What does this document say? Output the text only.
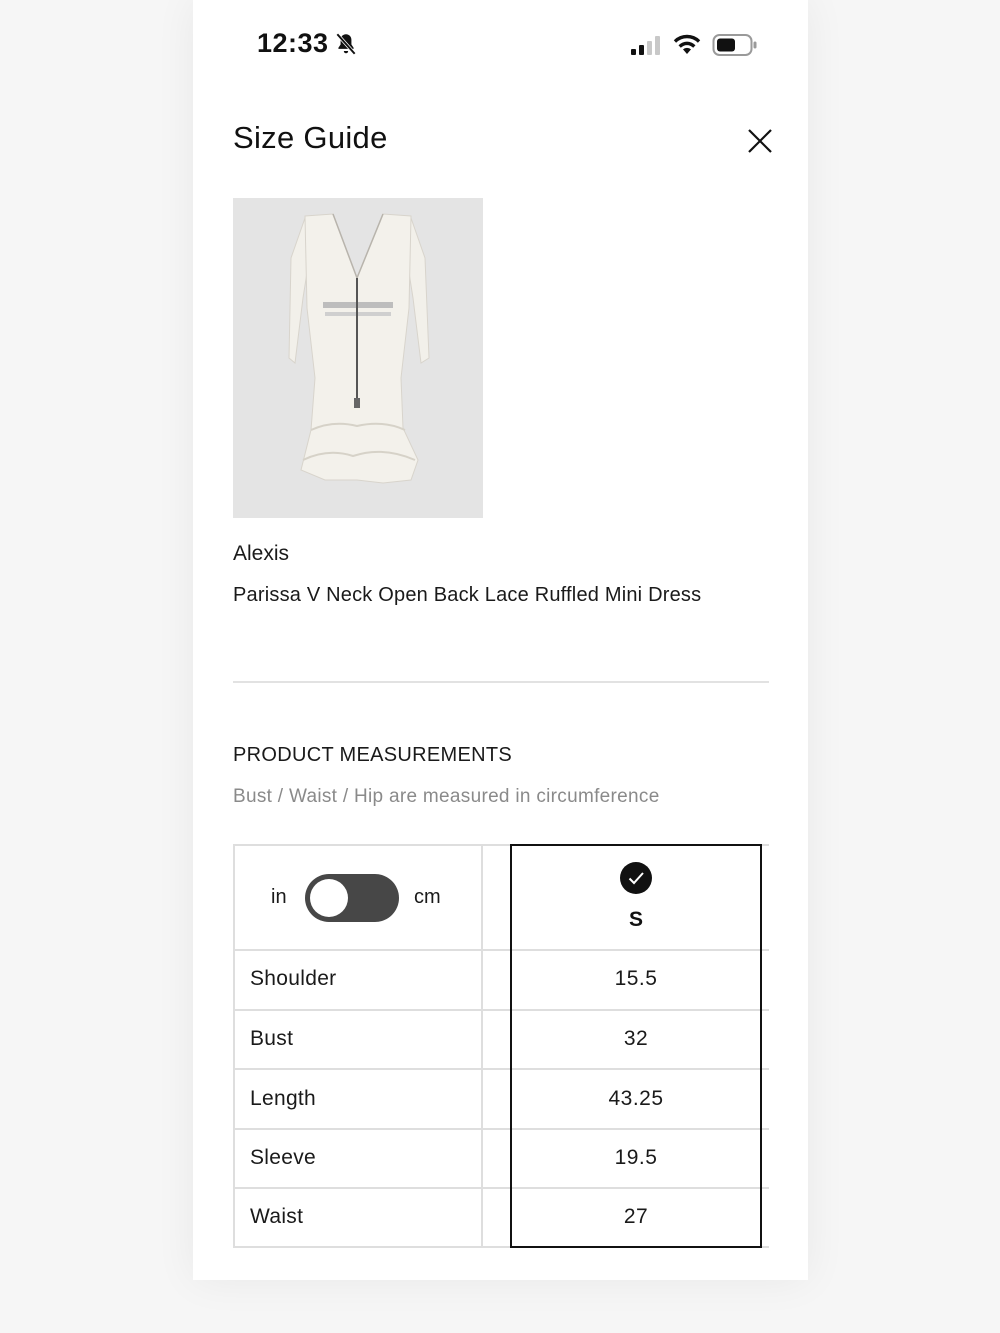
12:33
Size Guide
Alexis
Parissa V Neck Open Back Lace Ruffled Mini Dress
PRODUCT MEASUREMENTS
Bust / Waist / Hip are measured in circumference
in	cm
Shoulder
Bust
Length
Sleeve
Waist
S
15.5
32
43.25
19.5
27
